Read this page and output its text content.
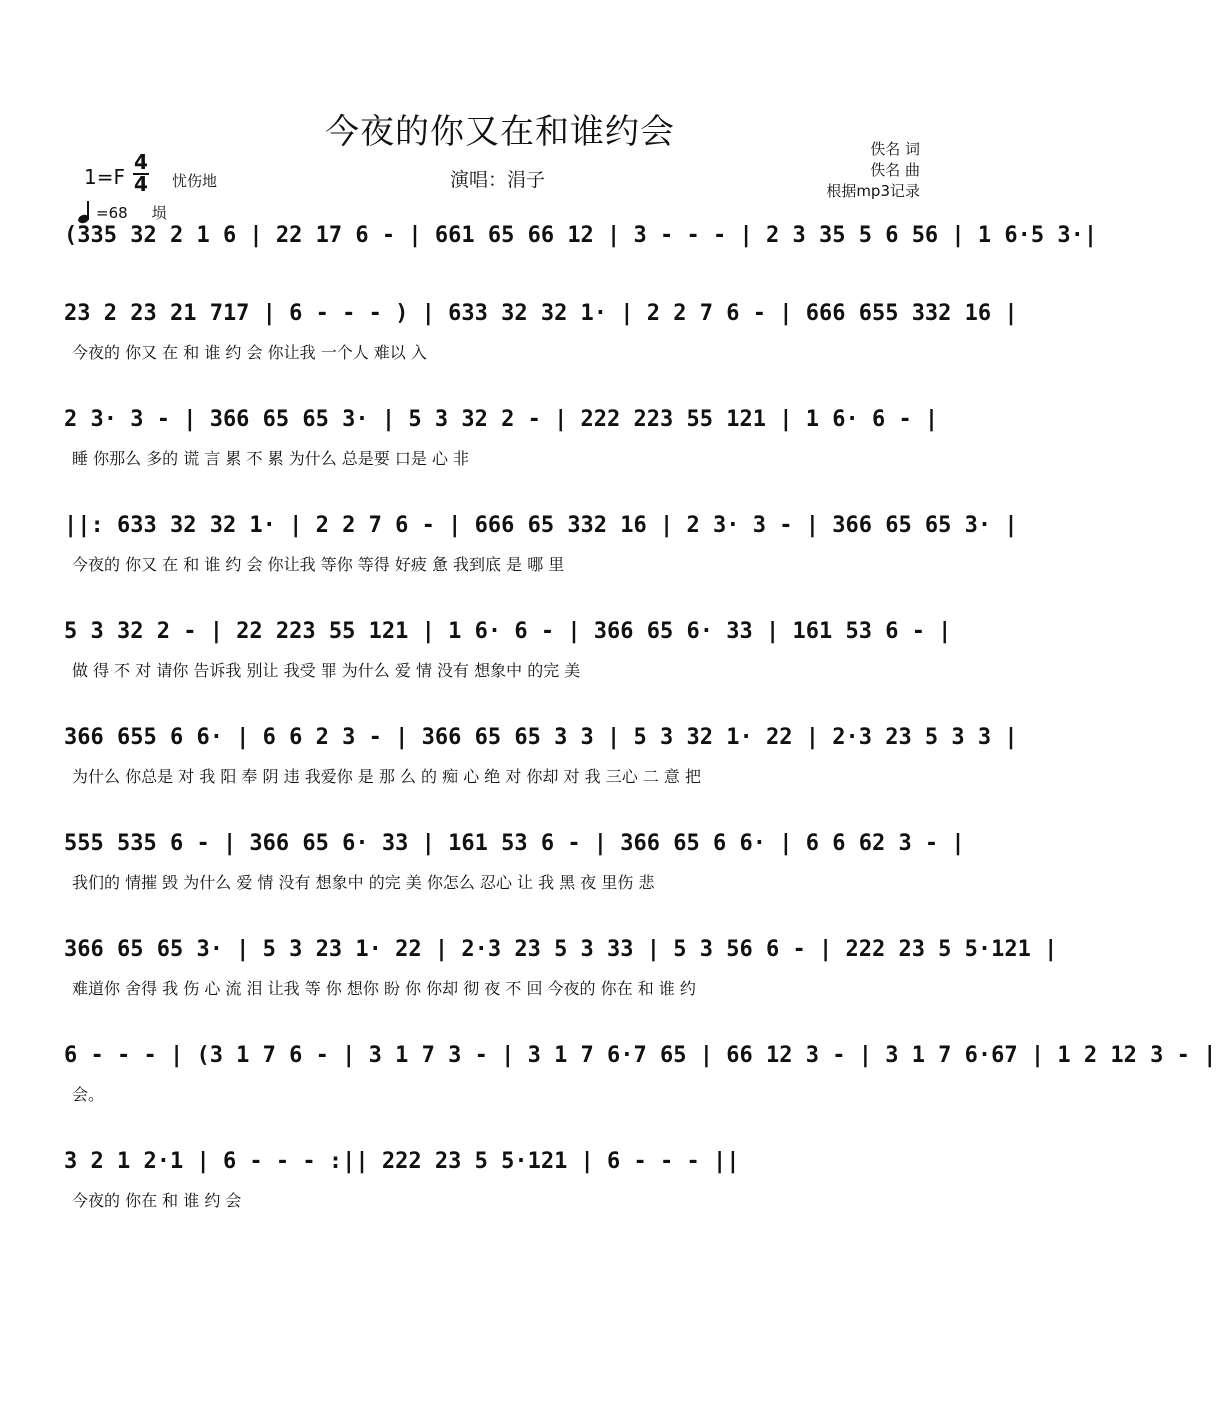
今夜的你又在和谁约会	佚名 词
佚名 曲
根据mp3记录
1=F
4
4 忧伤地	演唱：涓子
=68 埙
(335 32 2 1 6 | 22 17 6 - | 661 65 66 12 | 3 - - - | 2 3 35 5 6 56 | 1 6·5 3·|
23 2 23 21 717 | 6 - - - ) | 633 32 32 1· | 2 2 7 6 - | 666 655 332 16 |
今夜的 你又 在 和 谁 约 会 你让我 一个人 难以 入
2 3· 3 - | 366 65 65 3· | 5 3 32 2 - | 222 223 55 121 | 1 6· 6 - |
睡 你那么 多的 谎 言 累 不 累 为什么 总是要 口是 心 非
||: 633 32 32 1· | 2 2 7 6 - | 666 65 332 16 | 2 3· 3 - | 366 65 65 3· |
今夜的 你又 在 和 谁 约 会 你让我 等你 等得 好疲 惫 我到底 是 哪 里
5 3 32 2 - | 22 223 55 121 | 1 6· 6 - | 366 65 6· 33 | 161 53 6 - |
做 得 不 对 请你 告诉我 别让 我受 罪 为什么 爱 情 没有 想象中 的完 美
366 655 6 6· | 6 6 2 3 - | 366 65 65 3 3 | 5 3 32 1· 22 | 2·3 23 5 3 3 |
为什么 你总是 对 我 阳 奉 阴 违 我爱你 是 那 么 的 痴 心 绝 对 你却 对 我 三心 二 意 把
555 535 6 - | 366 65 6· 33 | 161 53 6 - | 366 65 6 6· | 6 6 62 3 - |
我们的 情摧 毁 为什么 爱 情 没有 想象中 的完 美 你怎么 忍心 让 我 黑 夜 里伤 悲
366 65 65 3· | 5 3 23 1· 22 | 2·3 23 5 3 33 | 5 3 56 6 - | 222 23 5 5·121 |
难道你 舍得 我 伤 心 流 泪 让我 等 你 想你 盼 你 你却 彻 夜 不 回 今夜的 你在 和 谁 约
6 - - - | (3 1 7 6 - | 3 1 7 3 - | 3 1 7 6·7 65 | 66 12 3 - | 3 1 7 6·67 | 1 2 12 3 - |
会。
3 2 1 2·1 | 6 - - - :|| 222 23 5 5·121 | 6 - - - ||
今夜的 你在 和 谁 约 会
